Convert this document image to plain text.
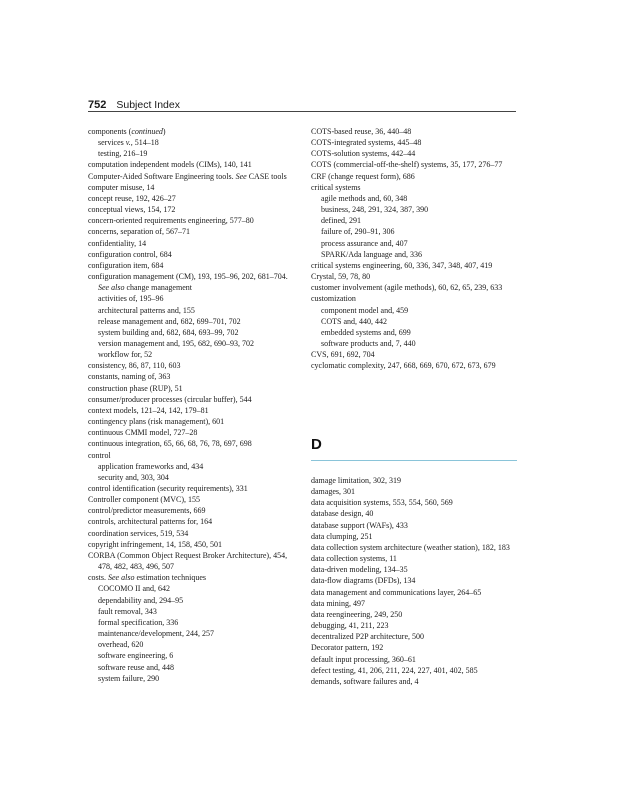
752 Subject Index
components (continued)
services v., 514–18
testing, 216–19
computation independent models (CIMs), 140, 141
Computer-Aided Software Engineering tools. See CASE tools
computer misuse, 14
concept reuse, 192, 426–27
conceptual views, 154, 172
concern-oriented requirements engineering, 577–80
concerns, separation of, 567–71
confidentiality, 14
configuration control, 684
configuration item, 684
configuration management (CM), 193, 195–96, 202, 681–704. See also change management
activities of, 195–96
architectural patterns and, 155
release management and, 682, 699–701, 702
system building and, 682, 684, 693–99, 702
version management and, 195, 682, 690–93, 702
workflow for, 52
consistency, 86, 87, 110, 603
constants, naming of, 363
construction phase (RUP), 51
consumer/producer processes (circular buffer), 544
context models, 121–24, 142, 179–81
contingency plans (risk management), 601
continuous CMMI model, 727–28
continuous integration, 65, 66, 68, 76, 78, 697, 698
control
application frameworks and, 434
security and, 303, 304
control identification (security requirements), 331
Controller component (MVC), 155
control/predictor measurements, 669
controls, architectural patterns for, 164
coordination services, 519, 534
copyright infringement, 14, 158, 450, 501
CORBA (Common Object Request Broker Architecture), 454, 478, 482, 483, 496, 507
costs. See also estimation techniques
COCOMO II and, 642
dependability and, 294–95
fault removal, 343
formal specification, 336
maintenance/development, 244, 257
overhead, 620
software engineering, 6
software reuse and, 448
system failure, 290
COTS-based reuse, 36, 440–48
COTS-integrated systems, 445–48
COTS-solution systems, 442–44
COTS (commercial-off-the-shelf) systems, 35, 177, 276–77
CRF (change request form), 686
critical systems
agile methods and, 60, 348
business, 248, 291, 324, 387, 390
defined, 291
failure of, 290–91, 306
process assurance and, 407
SPARK/Ada language and, 336
critical systems engineering, 60, 336, 347, 348, 407, 419
Crystal, 59, 78, 80
customer involvement (agile methods), 60, 62, 65, 239, 633
customization
component model and, 459
COTS and, 440, 442
embedded systems and, 699
software products and, 7, 440
CVS, 691, 692, 704
cyclomatic complexity, 247, 668, 669, 670, 672, 673, 679
D
damage limitation, 302, 319
damages, 301
data acquisition systems, 553, 554, 560, 569
database design, 40
database support (WAFs), 433
data clumping, 251
data collection system architecture (weather station), 182, 183
data collection systems, 11
data-driven modeling, 134–35
data-flow diagrams (DFDs), 134
data management and communications layer, 264–65
data mining, 497
data reengineering, 249, 250
debugging, 41, 211, 223
decentralized P2P architecture, 500
Decorator pattern, 192
default input processing, 360–61
defect testing, 41, 206, 211, 224, 227, 401, 402, 585
demands, software failures and, 4
